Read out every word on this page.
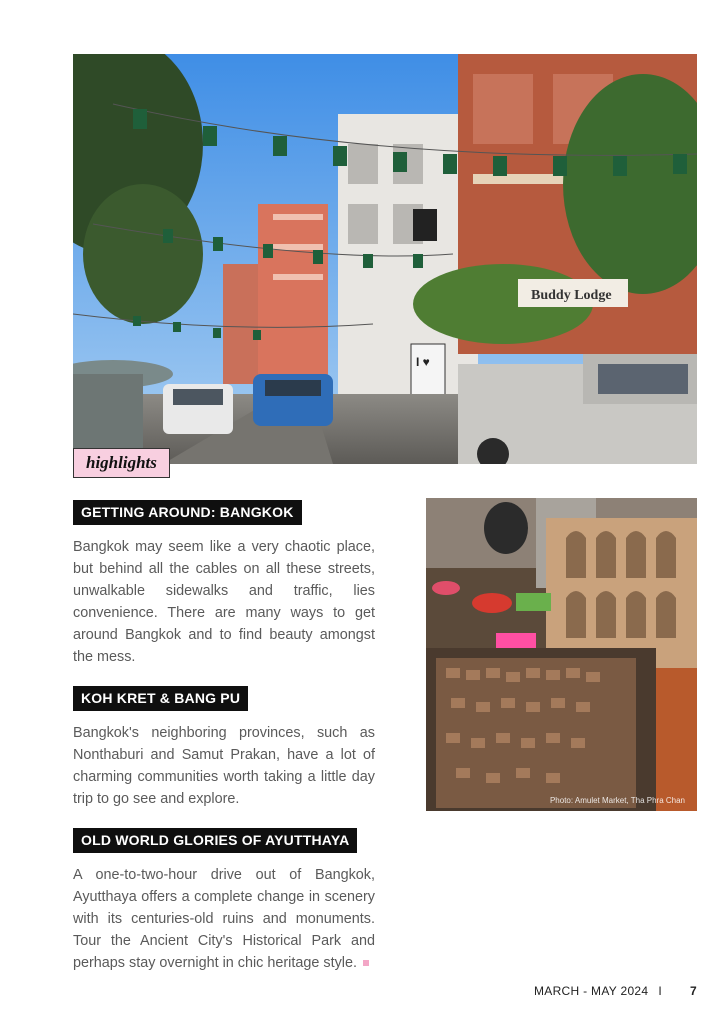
Buddy Lodge
I ♥
highlights
GETTING AROUND: BANGKOK

Bangkok may seem like a very chaotic place, but behind all the cables on all these streets, unwalkable sidewalks and traffic, lies convenience. There are many ways to get around Bangkok and to find beauty amongst the mess.

KOH KRET & BANG PU

Bangkok's neighboring provinces, such as Nonthaburi and Samut Prakan, have a lot of charming communities worth taking a little day trip to go see and explore.

OLD WORLD GLORIES OF AYUTTHAYA

A one-to-two-hour drive out of Bangkok, Ayutthaya offers a complete change in scenery with its centuries-old ruins and monuments. Tour the Ancient City's Historical Park and perhaps stay overnight in chic heritage style.

Photo: Amulet Market, Tha Phra Chan
MARCH - MAY 2024 I 7
